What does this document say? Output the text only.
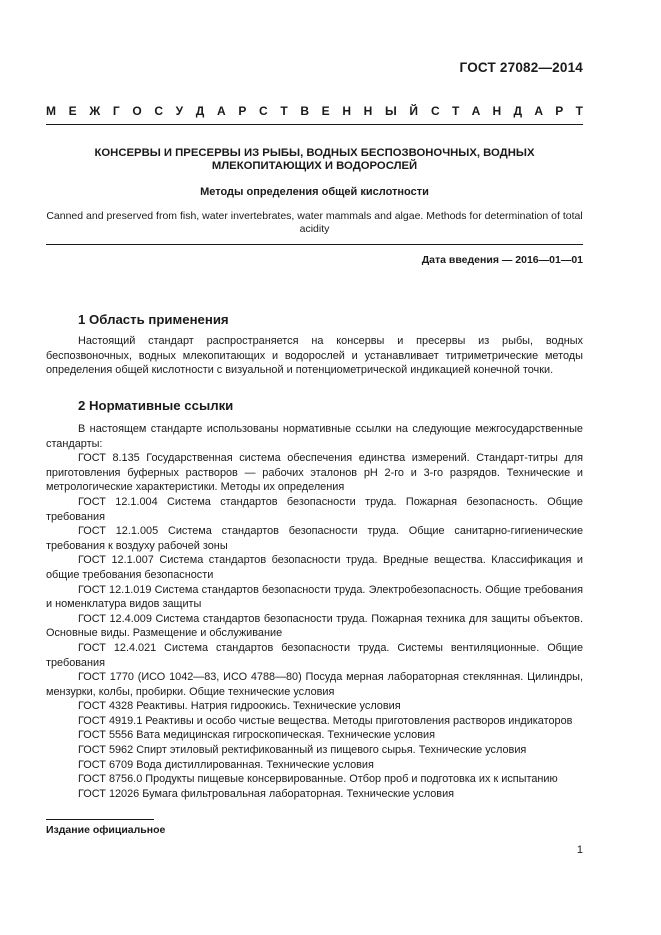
ГОСТ 27082—2014
М Е Ж Г О С У Д А Р С Т В Е Н Н Ы Й С Т А Н Д А Р Т
КОНСЕРВЫ И ПРЕСЕРВЫ ИЗ РЫБЫ, ВОДНЫХ БЕСПОЗВОНОЧНЫХ, ВОДНЫХ МЛЕКОПИТАЮЩИХ И ВОДОРОСЛЕЙ
Методы определения общей кислотности
Canned and preserved from fish, water invertebrates, water mammals and algae. Methods for determination of total acidity
Дата введения — 2016—01—01
1 Область применения
Настоящий стандарт распространяется на консервы и пресервы из рыбы, водных беспозвоночных, водных млекопитающих и водорослей и устанавливает титриметрические методы определения общей кислотности с визуальной и потенциометрической индикацией конечной точки.
2 Нормативные ссылки

В настоящем стандарте использованы нормативные ссылки на следующие межгосударственные стандарты:

ГОСТ 8.135 Государственная система обеспечения единства измерений. Стандарт-титры для приготовления буферных растворов — рабочих эталонов pH 2-го и 3-го разрядов. Технические и метрологические характеристики. Методы их определения

ГОСТ 12.1.004 Система стандартов безопасности труда. Пожарная безопасность. Общие требования

ГОСТ 12.1.005 Система стандартов безопасности труда. Общие санитарно-гигиенические требования к воздуху рабочей зоны

ГОСТ 12.1.007 Система стандартов безопасности труда. Вредные вещества. Классификация и общие требования безопасности

ГОСТ 12.1.019 Система стандартов безопасности труда. Электробезопасность. Общие требования и номенклатура видов защиты

ГОСТ 12.4.009 Система стандартов безопасности труда. Пожарная техника для защиты объектов. Основные виды. Размещение и обслуживание

ГОСТ 12.4.021 Система стандартов безопасности труда. Системы вентиляционные. Общие требования

ГОСТ 1770 (ИСО 1042—83, ИСО 4788—80) Посуда мерная лабораторная стеклянная. Цилиндры, мензурки, колбы, пробирки. Общие технические условия

ГОСТ 4328 Реактивы. Натрия гидроокись. Технические условия

ГОСТ 4919.1 Реактивы и особо чистые вещества. Методы приготовления растворов индикаторов

ГОСТ 5556 Вата медицинская гигроскопическая. Технические условия

ГОСТ 5962 Спирт этиловый ректификованный из пищевого сырья. Технические условия

ГОСТ 6709 Вода дистиллированная. Технические условия

ГОСТ 8756.0 Продукты пищевые консервированные. Отбор проб и подготовка их к испытанию

ГОСТ 12026 Бумага фильтровальная лабораторная. Технические условия

Издание официальное
1
